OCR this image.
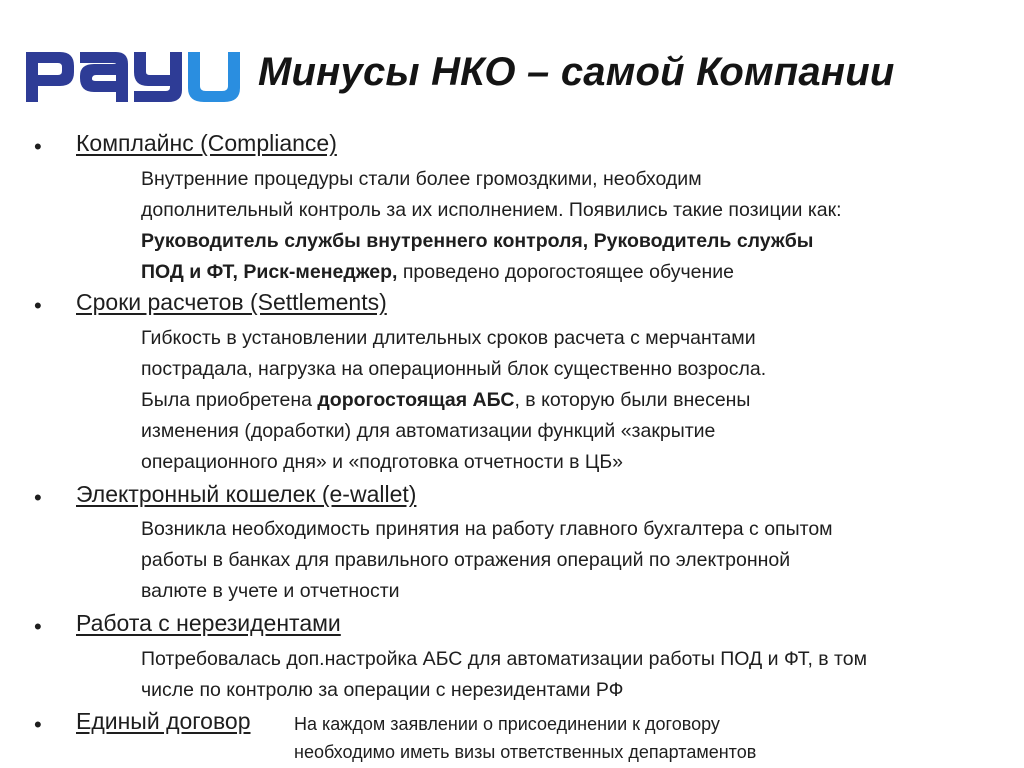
Минусы НКО – самой Компании
• Комплайнс (Compliance)

Внутренние процедуры стали более громоздкими, необходим
дополнительный контроль за их исполнением. Появились такие позиции как:
Руководитель службы внутреннего контроля, Руководитель службы
ПОД и ФТ, Риск-менеджер, проведено дорогостоящее обучение

• Сроки расчетов (Settlements)

Гибкость в установлении длительных сроков расчета с мерчантами
пострадала, нагрузка на операционный блок существенно возросла.
Была приобретена дорогостоящая АБС, в которую были внесены
изменения (доработки) для автоматизации функций «закрытие
операционного дня» и «подготовка отчетности в ЦБ»

• Электронный кошелек (e-wallet)

Возникла необходимость принятия на работу главного бухгалтера с опытом
работы в банках для правильного отражения операций по электронной
валюте в учете и отчетности

• Работа с нерезидентами

Потребовалась доп.настройка АБС для автоматизации работы ПОД и ФТ, в том
числе по контролю за операции с нерезидентами РФ

• Единый договор На каждом заявлении о присоединении к договору
необходимо иметь визы ответственных департаментов
